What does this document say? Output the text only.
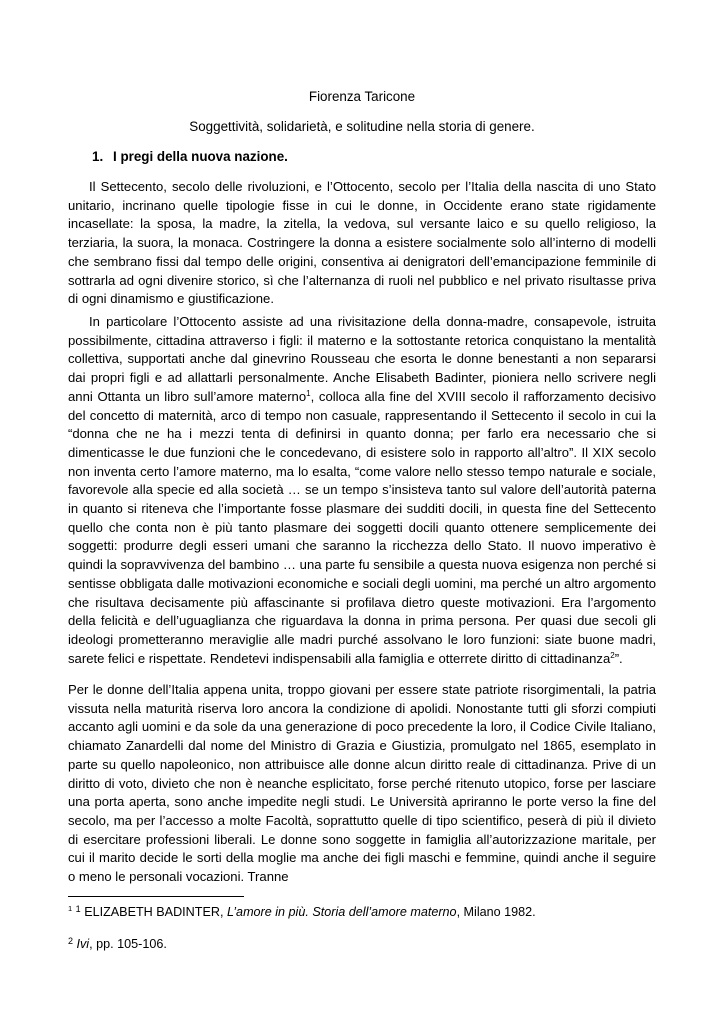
Fiorenza Taricone
Soggettività, solidarietà, e solitudine nella storia di genere.
1. I pregi della nuova nazione.

Il Settecento, secolo delle rivoluzioni, e l’Ottocento, secolo per l’Italia della nascita di uno Stato unitario, incrinano quelle tipologie fisse in cui le donne, in Occidente erano state rigidamente incasellate: la sposa, la madre, la zitella, la vedova, sul versante laico e su quello religioso, la terziaria, la suora, la monaca. Costringere la donna a esistere socialmente solo all’interno di modelli che sembrano fissi dal tempo delle origini, consentiva ai denigratori dell’emancipazione femminile di sottrarla ad ogni divenire storico, sì che l’alternanza di ruoli nel pubblico e nel privato risultasse priva di ogni dinamismo e giustificazione.

In particolare l’Ottocento assiste ad una rivisitazione della donna-madre, consapevole, istruita possibilmente, cittadina attraverso i figli: il materno e la sottostante retorica conquistano la mentalità collettiva, supportati anche dal ginevrino Rousseau che esorta le donne benestanti a non separarsi dai propri figli e ad allattarli personalmente. Anche Elisabeth Badinter, pioniera nello scrivere negli anni Ottanta un libro sull’amore materno$^1$, colloca alla fine del XVIII secolo il rafforzamento decisivo del concetto di maternità, arco di tempo non casuale, rappresentando il Settecento il secolo in cui la “donna che ne ha i mezzi tenta di definirsi in quanto donna; per farlo era necessario che si dimenticasse le due funzioni che le concedevano, di esistere solo in rapporto all’altro”. Il XIX secolo non inventa certo l’amore materno, ma lo esalta, “come valore nello stesso tempo naturale e sociale, favorevole alla specie ed alla società … se un tempo s’insisteva tanto sul valore dell’autorità paterna in quanto si riteneva che l’importante fosse plasmare dei sudditi docili, in questa fine del Settecento quello che conta non è più tanto plasmare dei soggetti docili quanto ottenere semplicemente dei soggetti: produrre degli esseri umani che saranno la ricchezza dello Stato. Il nuovo imperativo è quindi la sopravvivenza del bambino … una parte fu sensibile a questa nuova esigenza non perché si sentisse obbligata dalle motivazioni economiche e sociali degli uomini, ma perché un altro argomento che risultava decisamente più affascinante si profilava dietro queste motivazioni. Era l’argomento della felicità e dell’uguaglianza che riguardava la donna in prima persona. Per quasi due secoli gli ideologi prometteranno meraviglie alle madri purché assolvano le loro funzioni: siate buone madri, sarete felici e rispettate. Rendetevi indispensabili alla famiglia e otterrete diritto di cittadinanza$^2$”.

Per le donne dell’Italia appena unita, troppo giovani per essere state patriote risorgimentali, la patria vissuta nella maturità riserva loro ancora la condizione di apolidi. Nonostante tutti gli sforzi compiuti accanto agli uomini e da sole da una generazione di poco precedente la loro, il Codice Civile Italiano, chiamato Zanardelli dal nome del Ministro di Grazia e Giustizia, promulgato nel 1865, esemplato in parte su quello napoleonico, non attribuisce alle donne alcun diritto reale di cittadinanza. Prive di un diritto di voto, divieto che non è neanche esplicitato, forse perché ritenuto utopico, forse per lasciare una porta aperta, sono anche impedite negli studi. Le Università apriranno le porte verso la fine del secolo, ma per l’accesso a molte Facoltà, soprattutto quelle di tipo scientifico, peserà di più il divieto di esercitare professioni liberali. Le donne sono soggette in famiglia all’autorizzazione maritale, per cui il marito decide le sorti della moglie ma anche dei figli maschi e femmine, quindi anche il seguire o meno le personali vocazioni. Tranne

$^1$ $^1$ ELIZABETH BADINTER, L’amore in più. Storia dell’amore materno, Milano 1982.
$^2$ Ivi, pp. 105-106.
